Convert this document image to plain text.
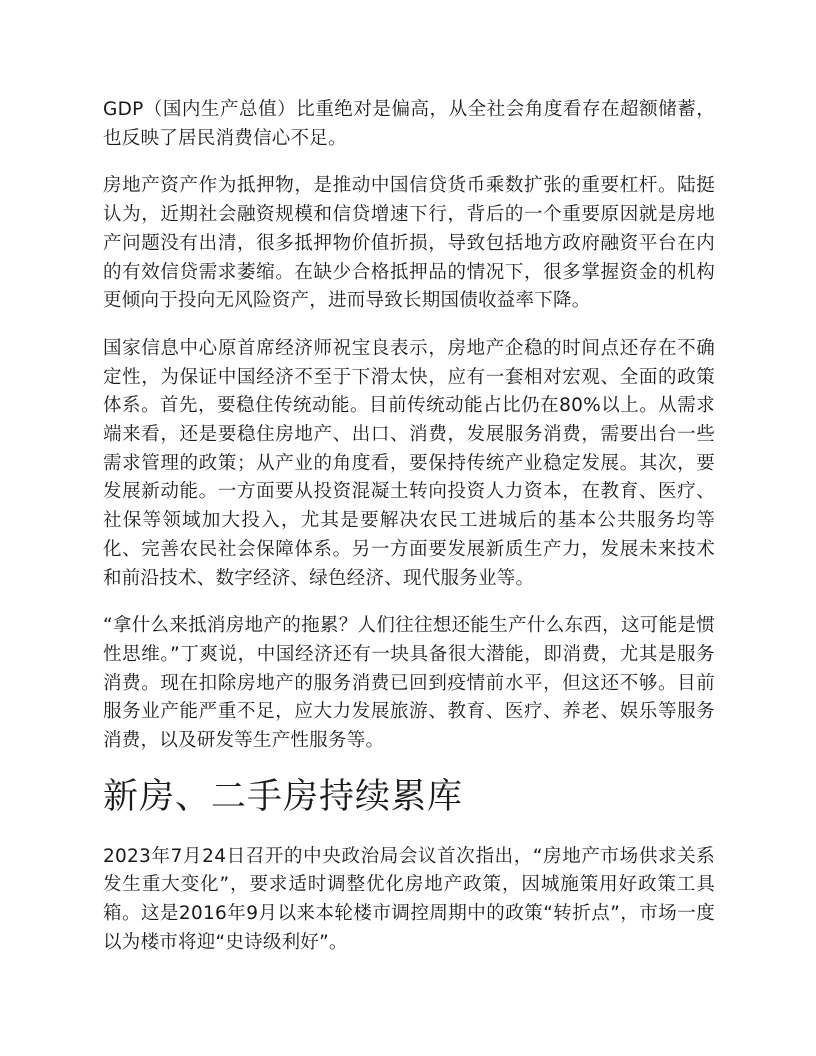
GDP（国内生产总值）比重绝对是偏高，从全社会角度看存在超额储蓄，也反映了居民消费信心不足。

房地产资产作为抵押物，是推动中国信贷货币乘数扩张的重要杠杆。陆挺认为，近期社会融资规模和信贷增速下行，背后的一个重要原因就是房地产问题没有出清，很多抵押物价值折损，导致包括地方政府融资平台在内的有效信贷需求萎缩。在缺少合格抵押品的情况下，很多掌握资金的机构更倾向于投向无风险资产，进而导致长期国债收益率下降。

国家信息中心原首席经济师祝宝良表示，房地产企稳的时间点还存在不确定性，为保证中国经济不至于下滑太快，应有一套相对宏观、全面的政策体系。首先，要稳住传统动能。目前传统动能占比仍在80%以上。从需求端来看，还是要稳住房地产、出口、消费，发展服务消费，需要出台一些需求管理的政策；从产业的角度看，要保持传统产业稳定发展。其次，要发展新动能。一方面要从投资混凝土转向投资人力资本，在教育、医疗、社保等领域加大投入，尤其是要解决农民工进城后的基本公共服务均等化、完善农民社会保障体系。另一方面要发展新质生产力，发展未来技术和前沿技术、数字经济、绿色经济、现代服务业等。

“拿什么来抵消房地产的拖累？人们往往想还能生产什么东西，这可能是惯性思维。”丁爽说，中国经济还有一块具备很大潜能，即消费，尤其是服务消费。现在扣除房地产的服务消费已回到疫情前水平，但这还不够。目前服务业产能严重不足，应大力发展旅游、教育、医疗、养老、娱乐等服务消费，以及研发等生产性服务等。

新房、二手房持续累库

2023年7月24日召开的中央政治局会议首次指出，“房地产市场供求关系发生重大变化”，要求适时调整优化房地产政策，因城施策用好政策工具箱。这是2016年9月以来本轮楼市调控周期中的政策“转折点”，市场一度以为楼市将迎“史诗级利好”。
